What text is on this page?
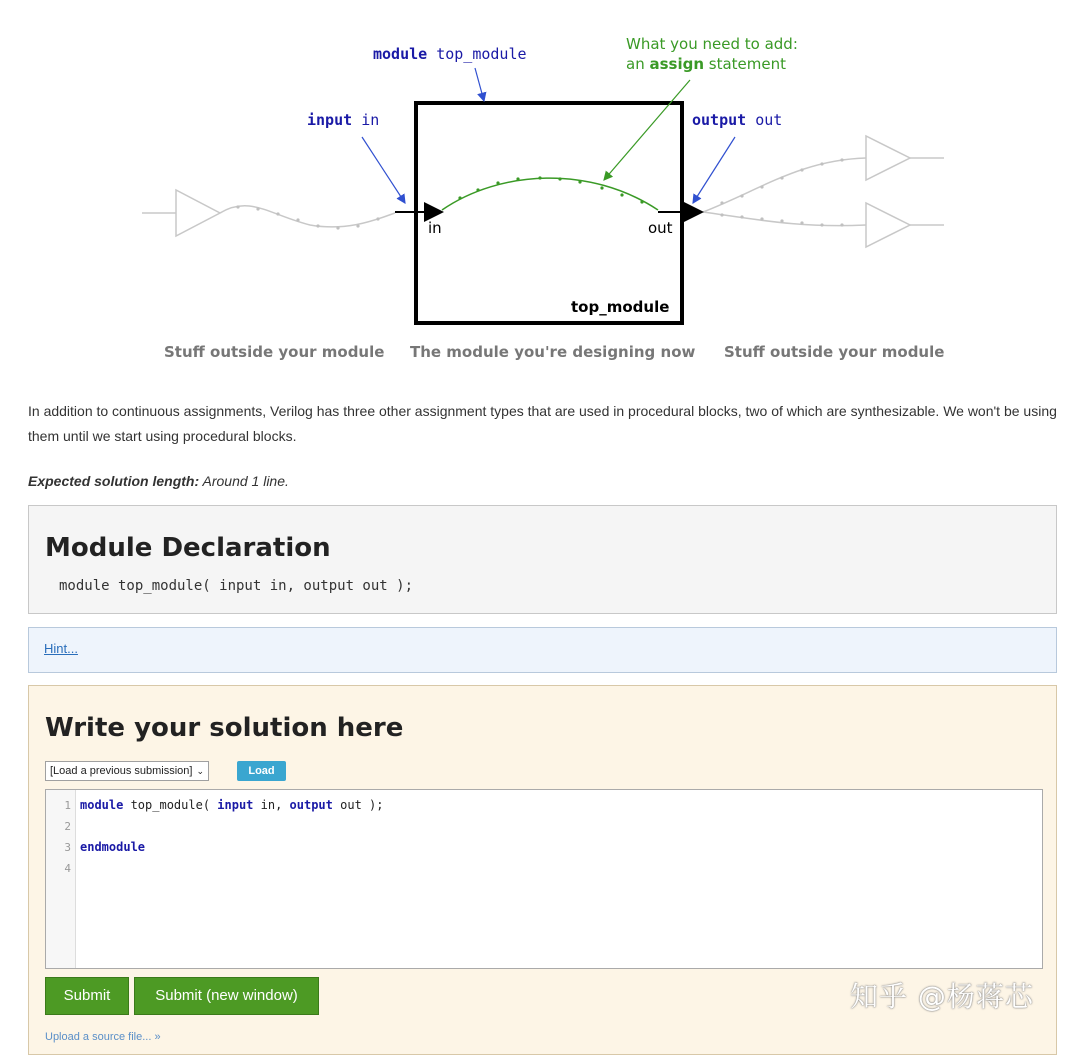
module top_module
input in	output out
What you need to add:
an assign statement
in	out
top_module
Stuff outside your module The module you're designing now Stuff outside your module

In addition to continuous assignments, Verilog has three other assignment types that are used in procedural blocks, two of which are synthesizable. We won't be using them until we start using procedural blocks.

Expected solution length: Around 1 line.
Module Declaration
module top_module( input in, output out );
Hint...
Write your solution here
[Load a previous submission] ⌄	Load
1
2
3
4
module top_module( input in, output out );
endmodule
Submit	Submit (new window)
Upload a source file... »
知乎 @杨蒋芯
